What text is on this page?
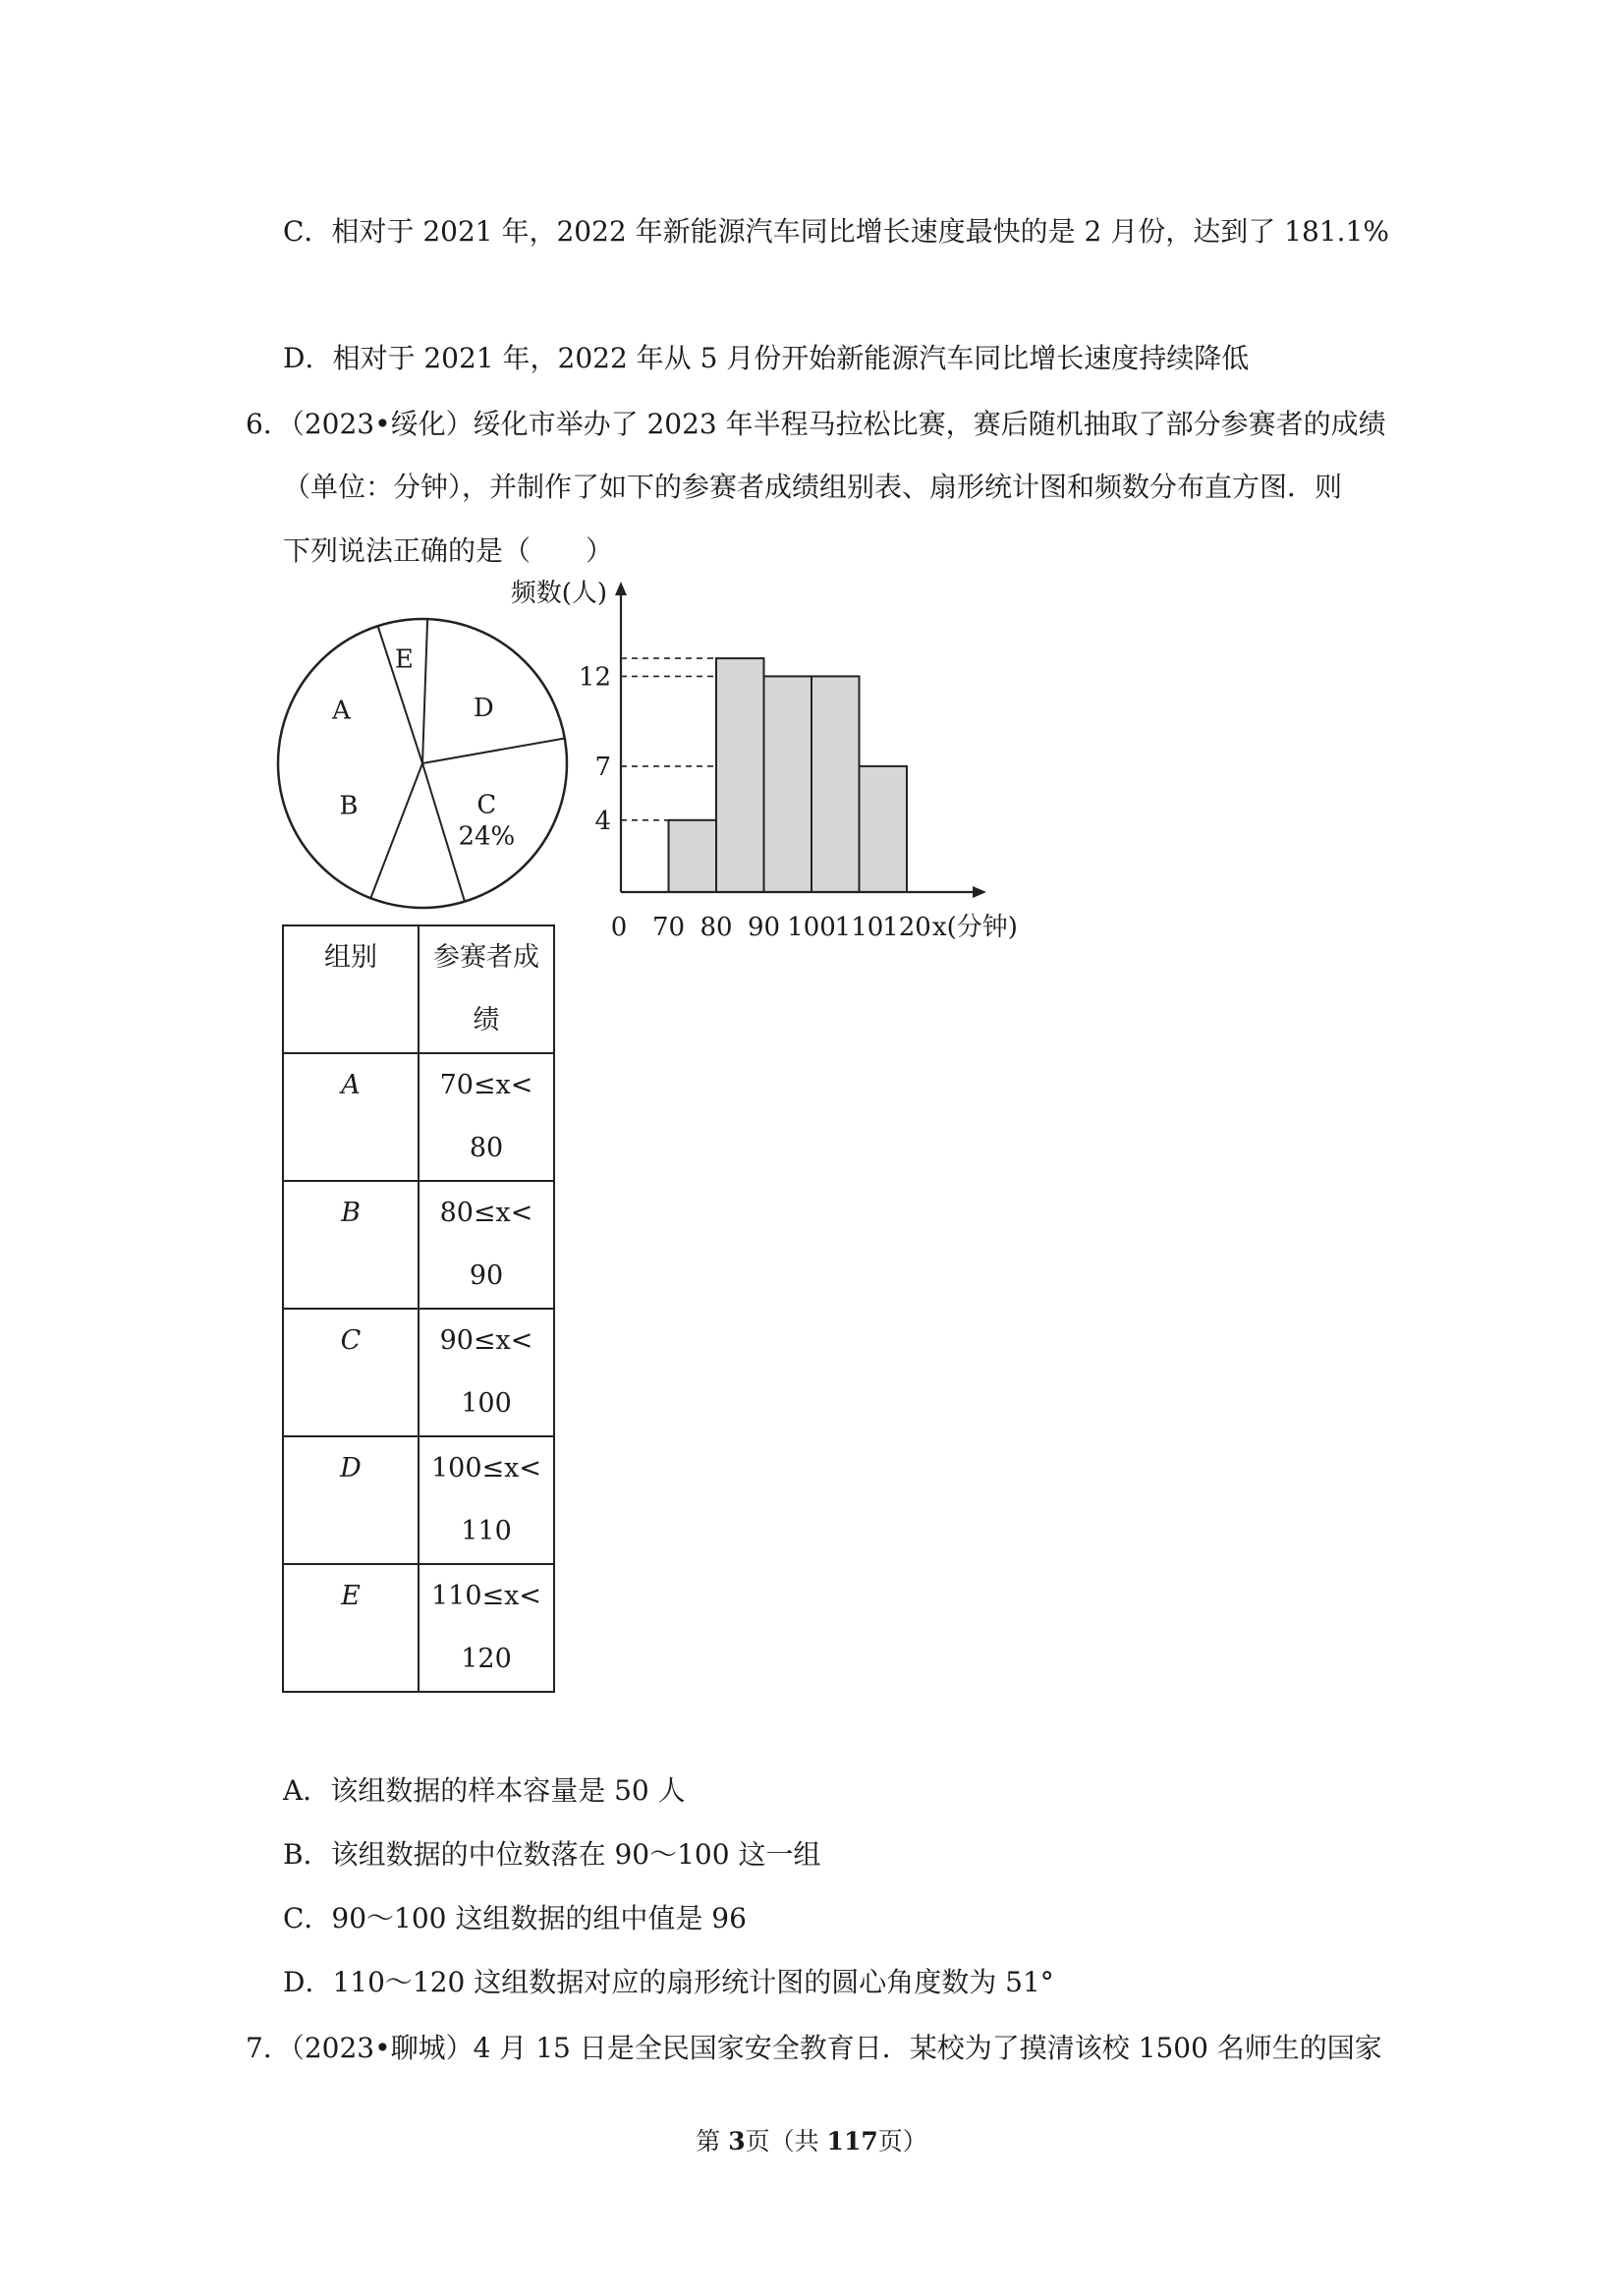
C．相对于 2021 年，2022 年新能源汽车同比增长速度最快的是 2 月份，达到了 181.1%
D．相对于 2021 年，2022 年从 5 月份开始新能源汽车同比增长速度持续降低
6．（2023•绥化）绥化市举办了 2023 年半程马拉松比赛，赛后随机抽取了部分参赛者的成绩
（单位：分钟），并制作了如下的参赛者成绩组别表、扇形统计图和频数分布直方图．则
下列说法正确的是（　　）
A
B	C
D
E
24%
4
7
12
频数(人)
0 70 80 90 100
110
120 x(分钟)
组别	参赛者成
绩

A	70≤x<
80

B	80≤x<
90

C	90≤x<
100

D	100≤x<
110

E	110≤x<
120
A．该组数据的样本容量是 50 人
B．该组数据的中位数落在 90～100 这一组
C．90～100 这组数据的组中值是 96
D．110～120 这组数据对应的扇形统计图的圆心角度数为 51°
7．（2023•聊城）4 月 15 日是全民国家安全教育日．某校为了摸清该校 1500 名师生的国家
第 3页（共 117页）
